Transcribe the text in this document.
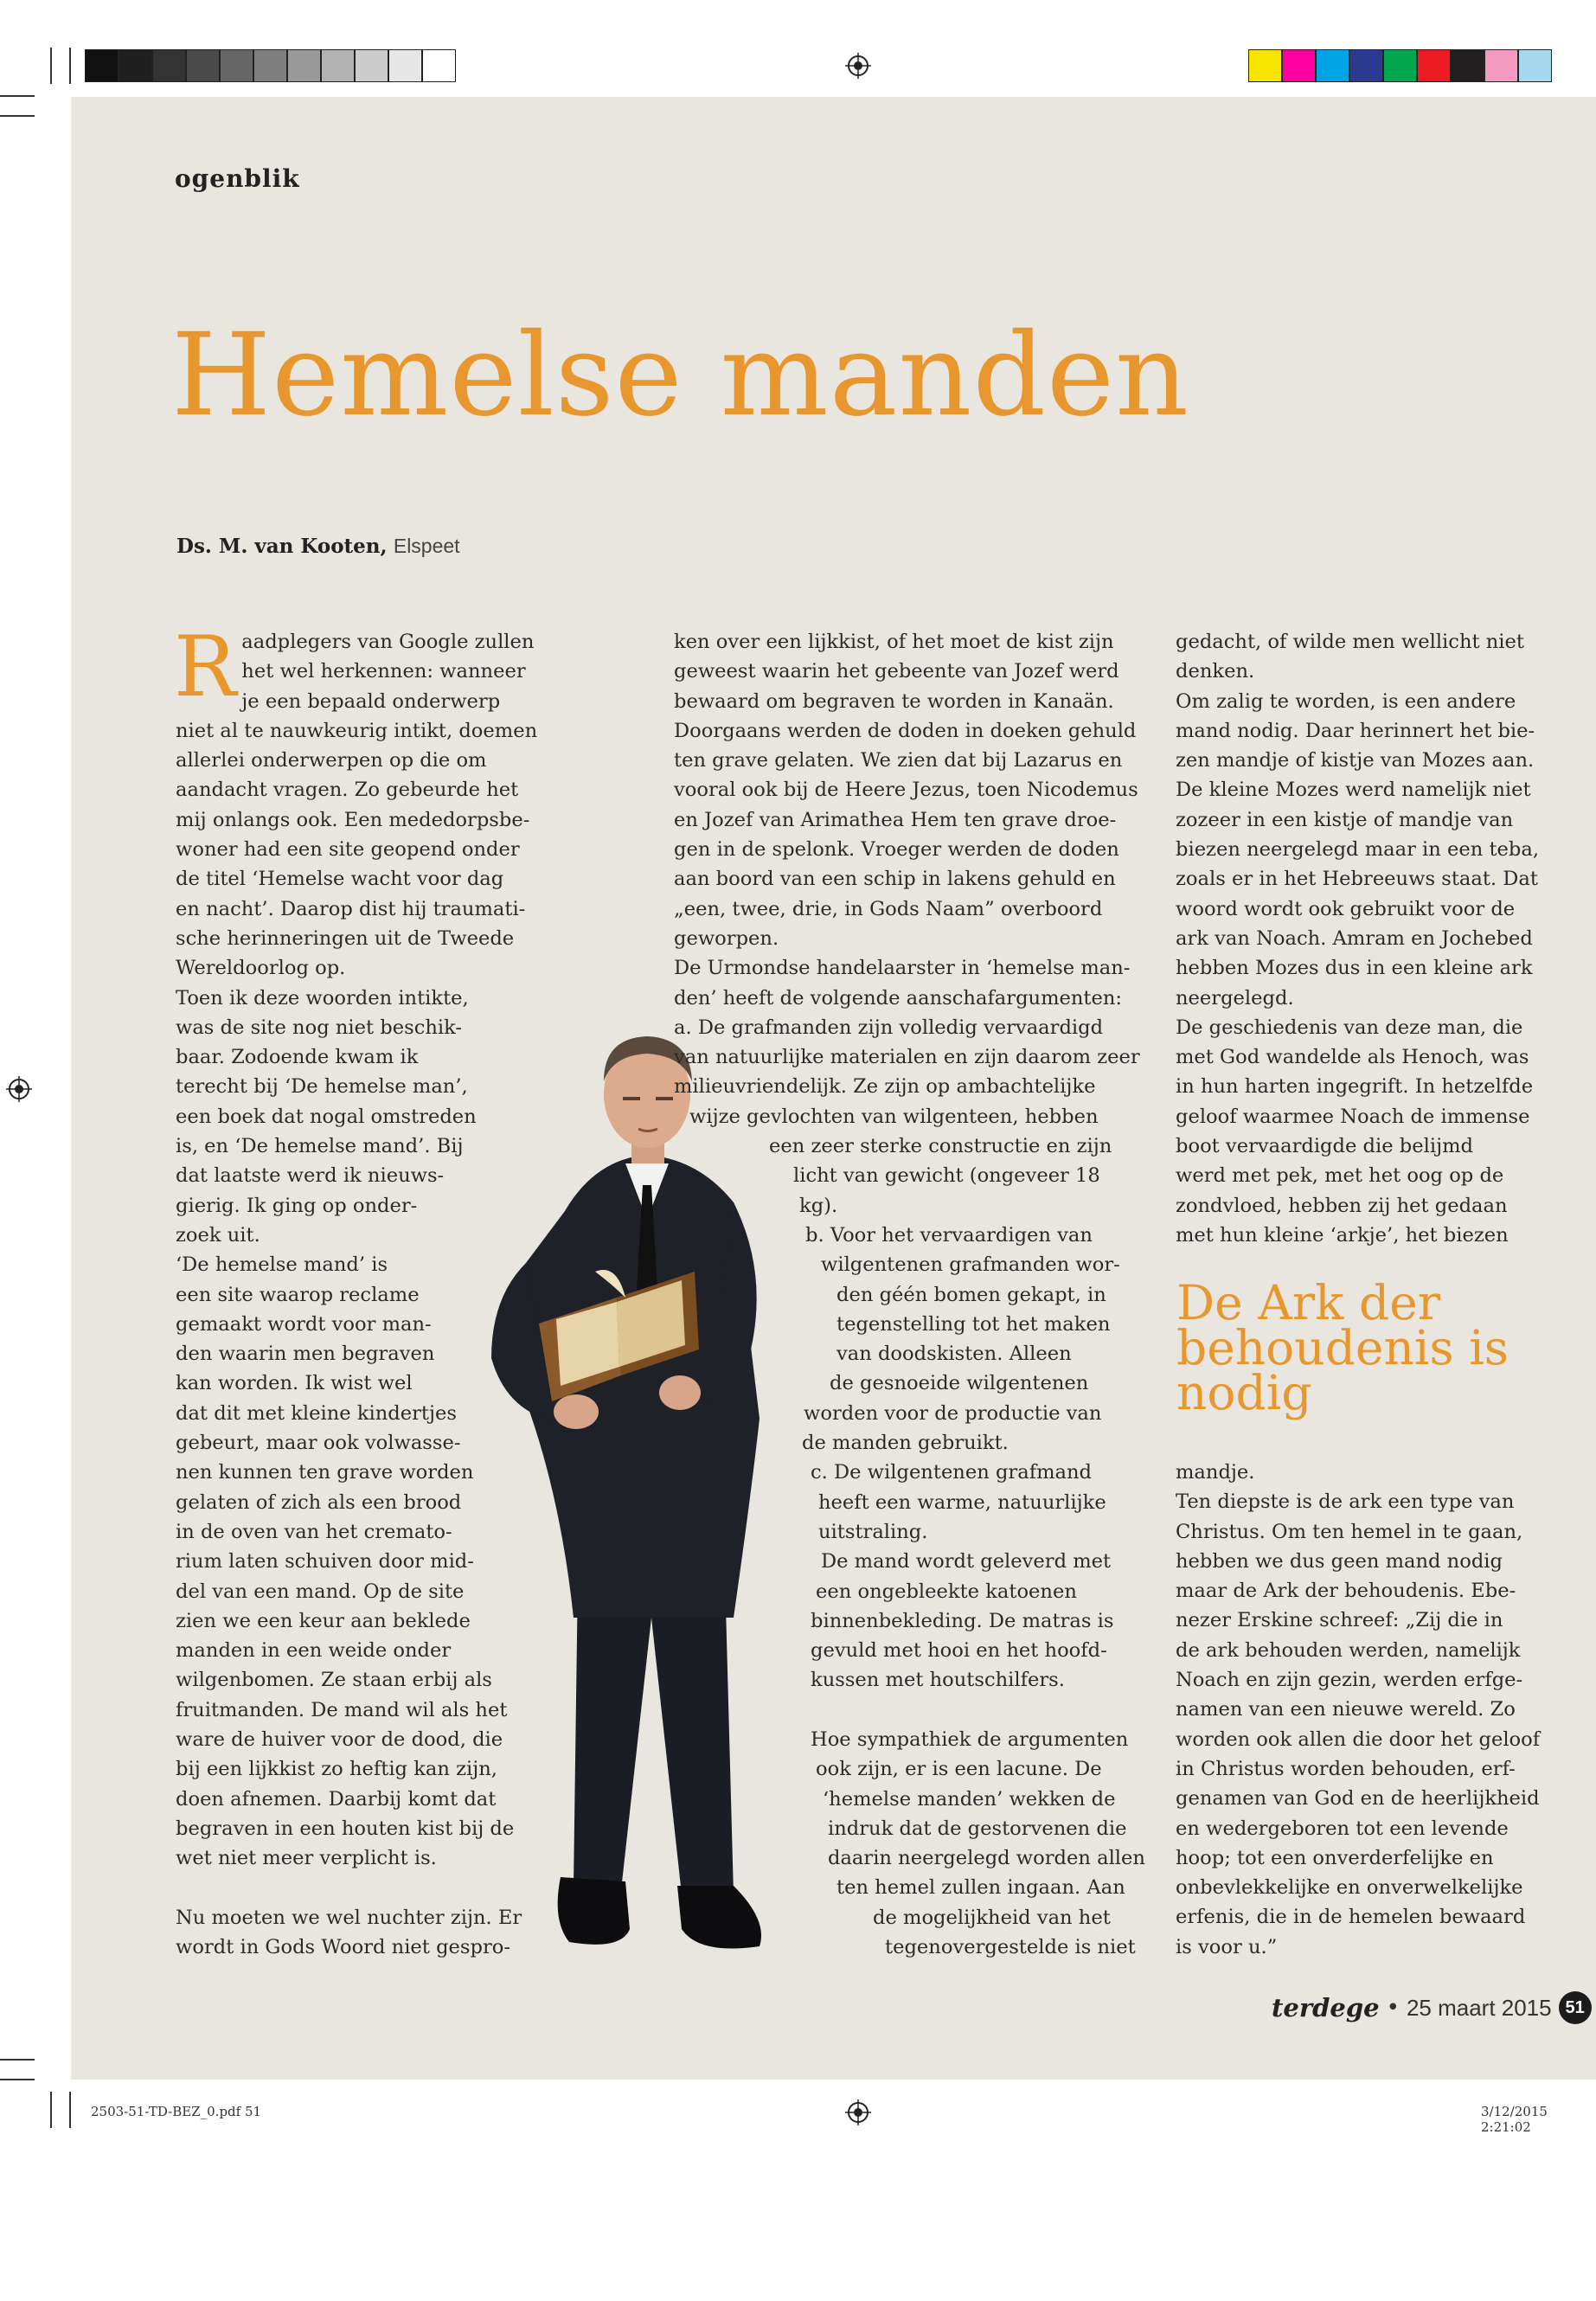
ogenblik
Hemelse manden
Ds. M. van Kooten, Elspeet
R aadplegers van Google zullen
het wel herkennen: wanneer
je een bepaald onderwerp
niet al te nauwkeurig intikt, doemen
allerlei onderwerpen op die om
aandacht vragen. Zo gebeurde het
mij onlangs ook. Een mededorpsbe-
woner had een site geopend onder
de titel ‘Hemelse wacht voor dag
en nacht’. Daarop dist hij traumati-
sche herinneringen uit de Tweede
Wereldoorlog op.
Toen ik deze woorden intikte,
was de site nog niet beschik-
baar. Zodoende kwam ik
terecht bij ‘De hemelse man’,
een boek dat nogal omstreden
is, en ‘De hemelse mand’. Bij
dat laatste werd ik nieuws-
gierig. Ik ging op onder-
zoek uit.
‘De hemelse mand’ is
een site waarop reclame
gemaakt wordt voor man-
den waarin men begraven
kan worden. Ik wist wel
dat dit met kleine kindertjes
gebeurt, maar ook volwasse-
nen kunnen ten grave worden
gelaten of zich als een brood
in de oven van het cremato-
rium laten schuiven door mid-
del van een mand. Op de site
zien we een keur aan beklede
manden in een weide onder
wilgenbomen. Ze staan erbij als
fruitmanden. De mand wil als het
ware de huiver voor de dood, die
bij een lijkkist zo heftig kan zijn,
doen afnemen. Daarbij komt dat
begraven in een houten kist bij de
wet niet meer verplicht is.
Nu moeten we wel nuchter zijn. Er
wordt in Gods Woord niet gespro-
ken over een lijkkist, of het moet de kist zijn
geweest waarin het gebeente van Jozef werd
bewaard om begraven te worden in Kanaän.
Doorgaans werden de doden in doeken gehuld
ten grave gelaten. We zien dat bij Lazarus en
vooral ook bij de Heere Jezus, toen Nicodemus
en Jozef van Arimathea Hem ten grave droe-
gen in de spelonk. Vroeger werden de doden
aan boord van een schip in lakens gehuld en
„een, twee, drie, in Gods Naam” overboord
geworpen.
De Urmondse handelaarster in ‘hemelse man-
den’ heeft de volgende aanschafargumenten:
a. De grafmanden zijn volledig vervaardigd
van natuurlijke materialen en zijn daarom zeer
milieuvriendelijk. Ze zijn op ambachtelijke
wijze gevlochten van wilgenteen, hebben
een zeer sterke constructie en zijn
licht van gewicht (ongeveer 18
kg).
b. Voor het vervaardigen van
wilgentenen grafmanden wor-
den géén bomen gekapt, in
tegenstelling tot het maken
van doodskisten. Alleen
de gesnoeide wilgentenen
worden voor de productie van
de manden gebruikt.
c. De wilgentenen grafmand
heeft een warme, natuurlijke
uitstraling.
De mand wordt geleverd met
een ongebleekte katoenen
binnenbekleding. De matras is
gevuld met hooi en het hoofd-
kussen met houtschilfers.
Hoe sympathiek de argumenten
ook zijn, er is een lacune. De
‘hemelse manden’ wekken de
indruk dat de gestorvenen die
daarin neergelegd worden allen
ten hemel zullen ingaan. Aan
de mogelijkheid van het
tegenovergestelde is niet
gedacht, of wilde men wellicht niet
denken.
Om zalig te worden, is een andere
mand nodig. Daar herinnert het bie-
zen mandje of kistje van Mozes aan.
De kleine Mozes werd namelijk niet
zozeer in een kistje of mandje van
biezen neergelegd maar in een teba,
zoals er in het Hebreeuws staat. Dat
woord wordt ook gebruikt voor de
ark van Noach. Amram en Jochebed
hebben Mozes dus in een kleine ark
neergelegd.
De geschiedenis van deze man, die
met God wandelde als Henoch, was
in hun harten ingegrift. In hetzelfde
geloof waarmee Noach de immense
boot vervaardigde die belijmd
werd met pek, met het oog op de
zondvloed, hebben zij het gedaan
met hun kleine ‘arkje’, het biezen
De Ark der
behoudenis is
nodig
mandje.
Ten diepste is de ark een type van
Christus. Om ten hemel in te gaan,
hebben we dus geen mand nodig
maar de Ark der behoudenis. Ebe-
nezer Erskine schreef: „Zij die in
de ark behouden werden, namelijk
Noach en zijn gezin, werden erfge-
namen van een nieuwe wereld. Zo
worden ook allen die door het geloof
in Christus worden behouden, erf-
genamen van God en de heerlijkheid
en wedergeboren tot een levende
hoop; tot een onverderfelijke en
onbevlekkelijke en onverwelkelijke
erfenis, die in de hemelen bewaard
is voor u.”
terdege • 25 maart 2015 51
2503-51-TD-BEZ_0.pdf 51	3/12/2015 2:21:02
